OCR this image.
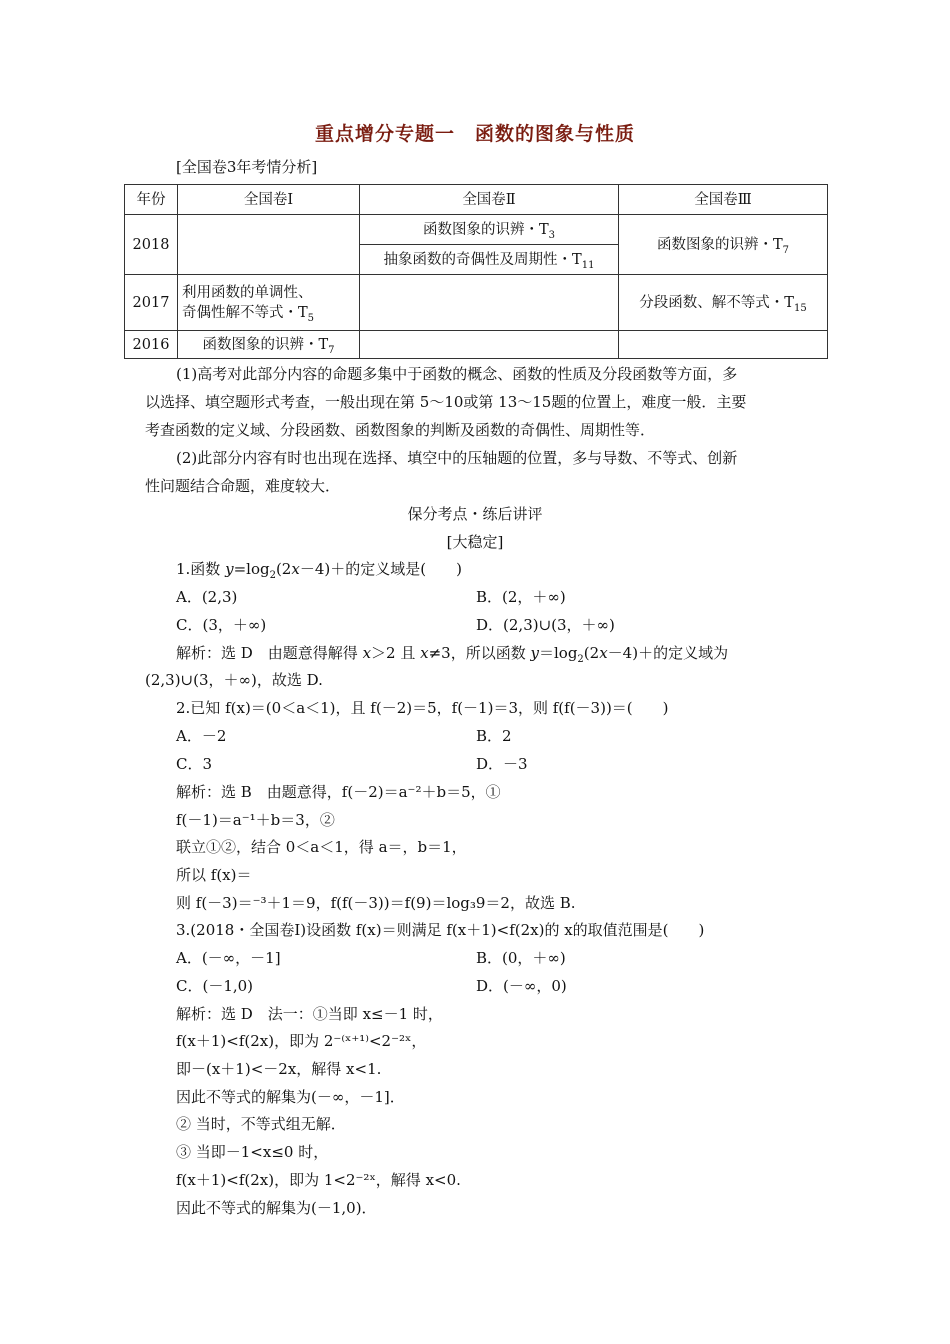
重点增分专题一　函数的图象与性质
[全国卷3年考情分析]
年份	全国卷Ⅰ	全国卷Ⅱ	全国卷Ⅲ
2018		函数图象的识辨・$T_3$	函数图象的识辨・$T_7$
		抽象函数的奇偶性及周期性・$T_{11}$
2017	利用函数的单调性、
奇偶性解不等式・$T_5$		分段函数、解不等式・$T_{15}$
2016	函数图象的识辨・$T_7$		
(1)高考对此部分内容的命题多集中于函数的概念、函数的性质及分段函数等方面，多
以选择、填空题形式考查，一般出现在第 5～10或第 13～15题的位置上，难度一般．主要
考查函数的定义域、分段函数、函数图象的判断及函数的奇偶性、周期性等．
(2)此部分内容有时也出现在选择、填空中的压轴题的位置，多与导数、不等式、创新
性问题结合命题，难度较大．
保分考点・练后讲评
[大稳定]
1.函数 $y=\log_2(2x-4)+$的定义域是(　　)
A．(2,3)	B．(2，＋∞)
C．(3，＋∞)	D．(2,3)∪(3，＋∞)
解析：选 D　由题意得解得 x＞2 且 x≠3，所以函数 $y=\log_2(2x-4)+$的定义域为
(2,3)∪(3，＋∞)，故选 D.
2.已知 f(x)＝(0＜a＜1)，且 f(－2)＝5，f(－1)＝3，则 f(f(－3))＝(　　)
A．－2	B．2
C．3	D．－3
解析：选 B　由题意得，f(－2)＝a⁻²＋b＝5，①
f(－1)＝a⁻¹＋b＝3，②
联立①②，结合 0＜a＜1，得 a＝，b＝1，
所以 f(x)＝
则 f(－3)＝⁻³＋1＝9，f(f(－3))＝f(9)＝log₃9＝2，故选 B.
3.(2018・全国卷Ⅰ)设函数 f(x)＝则满足 f(x＋1)<f(2x)的 x的取值范围是(　　)
A．(－∞，－1]	B．(0，＋∞)
C．(－1,0)	D．(－∞，0)
解析：选 D　法一：①当即 x≤－1 时，
f(x＋1)<f(2x)，即为 2⁻⁽ˣ⁺¹⁾<2⁻²ˣ，
即－(x＋1)<－2x，解得 x<1.
因此不等式的解集为(－∞，－1]．
② 当时，不等式组无解．
③ 当即－1<x≤0 时，
f(x＋1)<f(2x)，即为 1<2⁻²ˣ，解得 x<0.
因此不等式的解集为(－1,0)．
